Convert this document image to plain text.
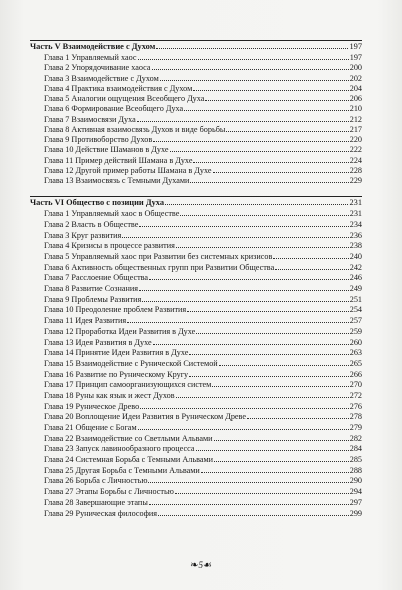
Часть V Взаимодействие с Духом	197
Глава 1 Управляемый хаос	197
Глава 2 Упорядочивание хаоса	200
Глава 3 Взаимодействие с Духом	202
Глава 4 Практика взаимодействия с Духом	204
Глава 5 Аналогии ощущения Всеобщего Духа	206
Глава 6 Формирование Всеобщего Духа	210
Глава 7 Взаимосвязи Духа	212
Глава 8 Активная взаимосвязь Духов и виде борьбы	217
Глава 9 Противоборство Духов	220
Глава 10 Действие Шаманов в Духе	222
Глава 11 Пример действий Шамана в Духе	224
Глава 12 Другой пример работы Шамана в Духе	228
Глава 13 Взаимосвязь с Темными Духами	229
Часть VI Общество с позиции Духа	231
Глава 1 Управляемый хаос в Обществе	231
Глава 2 Власть в Обществе	234
Глава 3 Круг развития	236
Глава 4 Кризисы в процессе развития	238
Глава 5 Управляемый хаос при Развитии без системных кризисов	240
Глава 6 Активность общественных групп при Развитии Общества	242
Глава 7 Расслоение Общества	246
Глава 8 Развитие Сознания	249
Глава 9 Проблемы Развития	251
Глава 10 Преодоление проблем Развития	254
Глава 11 Идея Развития	257
Глава 12 Проработка Идеи Развития в Духе	259
Глава 13 Идея Развития в Духе	260
Глава 14 Принятие Идеи Развития в Духе	263
Глава 15 Взаимодействие с Рунической Системой	265
Глава 16 Развитие по Руническому Кругу	266
Глава 17 Принцип самоорганизующихся систем	270
Глава 18 Руны как язык и жест Духов	272
Глава 19 Руническое Древо	276
Глава 20 Воплощение Идеи Развития в Руническом Древе	278
Глава 21 Общение с Богам	279
Глава 22 Взаимодействие со Светлыми Альвами	282
Глава 23 Запуск лавинообразного процесса	284
Глава 24 Системная Борьба с Темными Альвами	285
Глава 25 Другая Борьба с Темными Альвами	288
Глава 26 Борьба с Личностью	290
Глава 27 Этапы Борьбы с Личностью	294
Глава 28 Завершающие этапы	297
Глава 29 Руническая философия	299
❧5☙
